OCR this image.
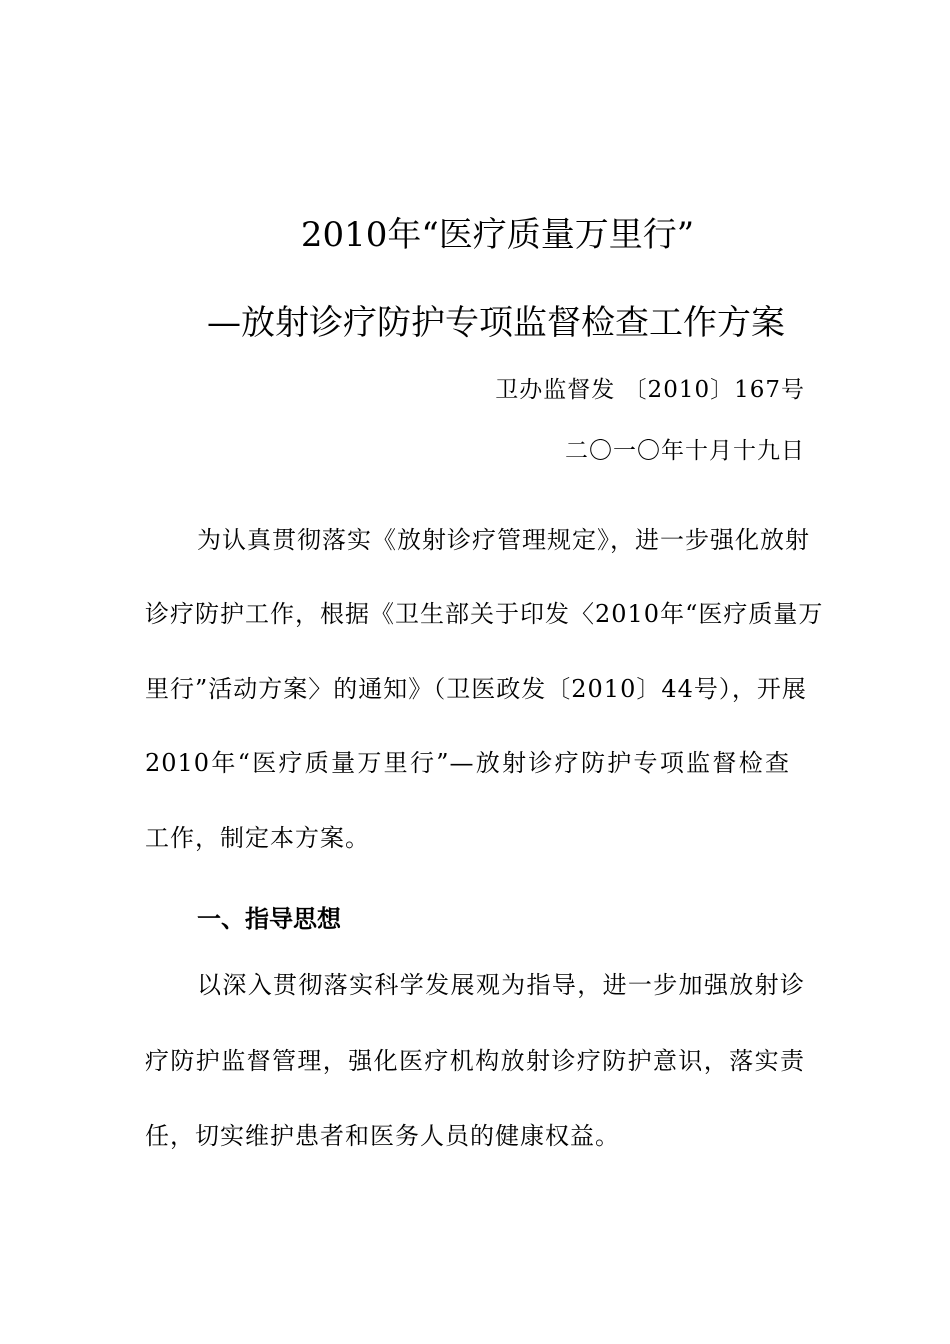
2010年“医疗质量万里行”
—放射诊疗防护专项监督检查工作方案
卫办监督发 〔2010〕167号
二〇一〇年十月十九日
为认真贯彻落实《放射诊疗管理规定》，进一步强化放射
诊疗防护工作，根据《卫生部关于印发〈2010年“医疗质量万
里行”活动方案〉的通知》（卫医政发〔2010〕44号），开展
2010年“医疗质量万里行”—放射诊疗防护专项监督检查
工作，制定本方案。
一、指导思想
以深入贯彻落实科学发展观为指导，进一步加强放射诊
疗防护监督管理，强化医疗机构放射诊疗防护意识，落实责
任，切实维护患者和医务人员的健康权益。
